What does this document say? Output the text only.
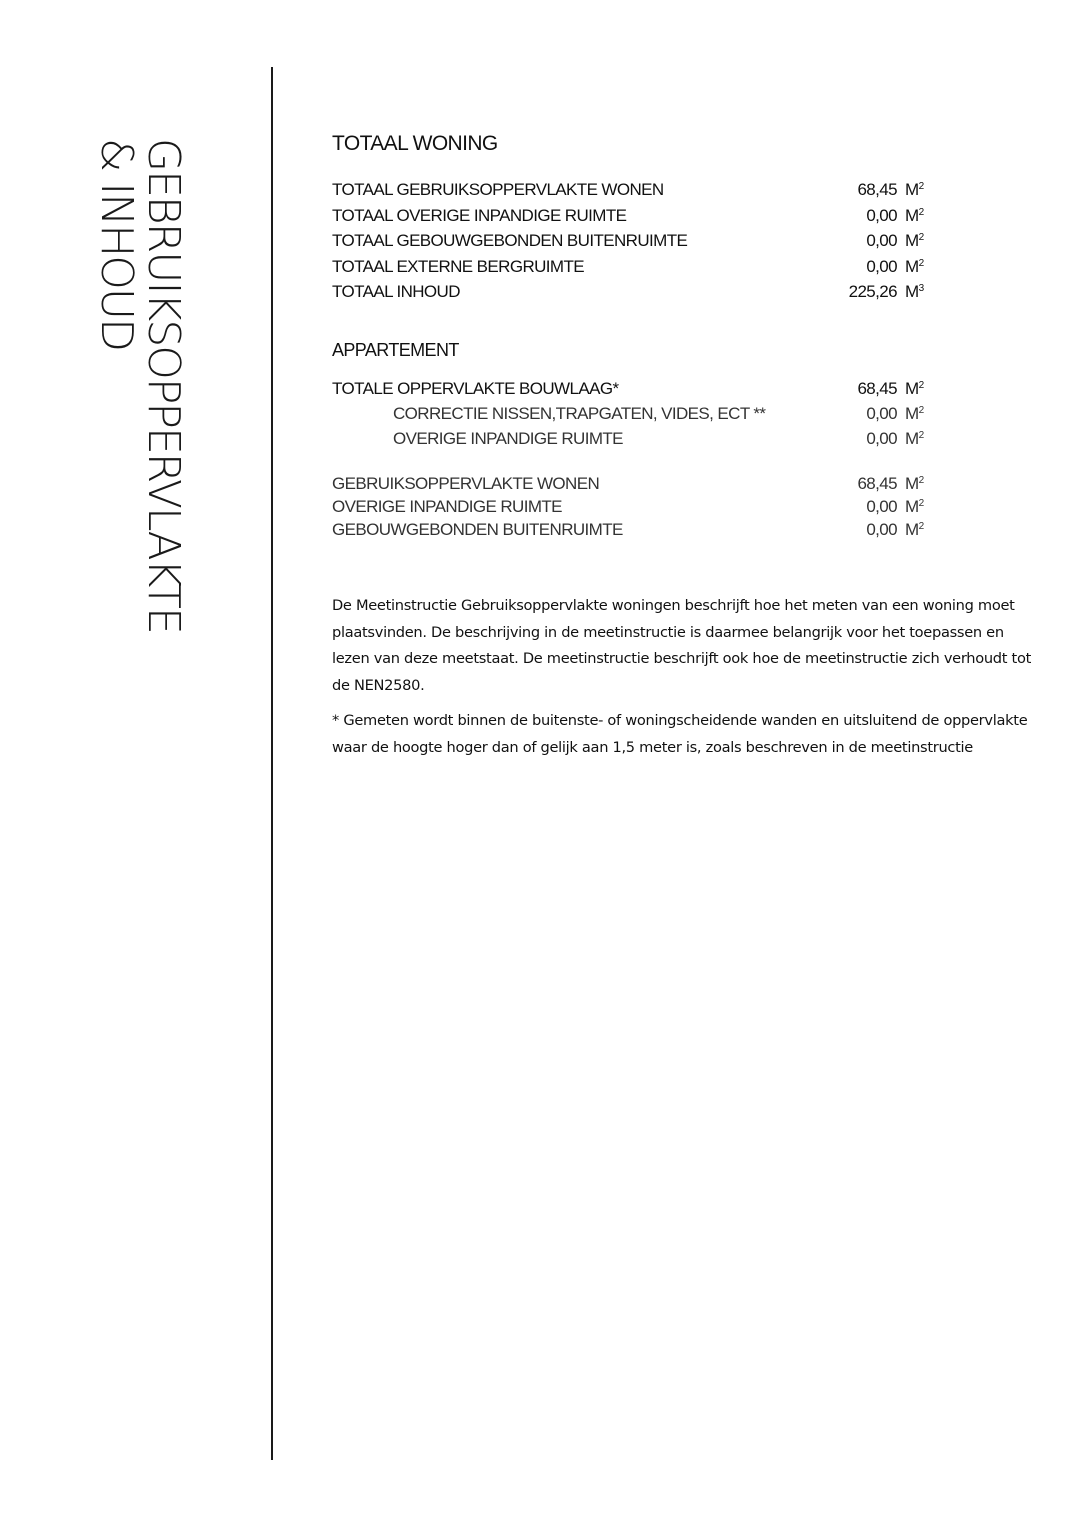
GEBRUIKSOPPERVLAKTE
& INHOUD	TOTAAL WONING
TOTAAL GEBRUIKSOPPERVLAKTE WONEN	68,45 $M^2$
TOTAAL OVERIGE INPANDIGE RUIMTE	0,00 $M^2$
TOTAAL GEBOUWGEBONDEN BUITENRUIMTE	0,00 $M^2$
TOTAAL EXTERNE BERGRUIMTE	0,00 $M^2$
TOTAAL INHOUD	225,26 $M^3$
APPARTEMENT
TOTALE OPPERVLAKTE BOUWLAAG*	68,45 $M^2$
CORRECTIE NISSEN,TRAPGATEN, VIDES, ECT **	0,00 $M^2$
OVERIGE INPANDIGE RUIMTE	0,00 $M^2$
GEBRUIKSOPPERVLAKTE WONEN	68,45 $M^2$
OVERIGE INPANDIGE RUIMTE	0,00 $M^2$
GEBOUWGEBONDEN BUITENRUIMTE	0,00 $M^2$

De Meetinstructie Gebruiksoppervlakte woningen beschrijft hoe het meten van een woning moet plaatsvinden. De beschrijving in de meetinstructie is daarmee belangrijk voor het toepassen en lezen van deze meetstaat. De meetinstructie beschrijft ook hoe de meetinstructie zich verhoudt tot de NEN2580.

* Gemeten wordt binnen de buitenste- of woningscheidende wanden en uitsluitend de oppervlakte waar de hoogte hoger dan of gelijk aan 1,5 meter is, zoals beschreven in de meetinstructie
